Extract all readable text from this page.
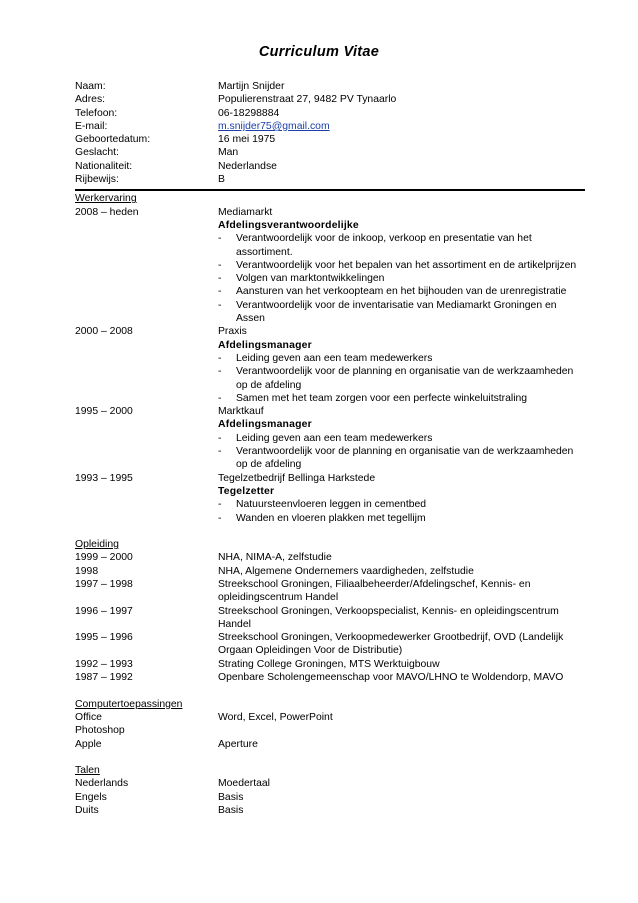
Curriculum Vitae
Naam:	Martijn Snijder
Adres:	Populierenstraat 27, 9482 PV Tynaarlo
Telefoon:	06-18298884
E-mail:	m.snijder75@gmail.com
Geboortedatum:	16 mei 1975
Geslacht:	Man
Nationaliteit:	Nederlandse
Rijbewijs:	B
Werkervaring
2008 – heden	Mediamarkt
Afdelingsverantwoordelijke
- Verantwoordelijk voor de inkoop, verkoop en presentatie van het assortiment.
- Verantwoordelijk voor het bepalen van het assortiment en de artikelprijzen
- Volgen van marktontwikkelingen
- Aansturen van het verkoopteam en het bijhouden van de urenregistratie
- Verantwoordelijk voor de inventarisatie van Mediamarkt Groningen en Assen
2000 – 2008	Praxis
Afdelingsmanager
- Leiding geven aan een team medewerkers
- Verantwoordelijk voor de planning en organisatie van de werkzaamheden op de afdeling
- Samen met het team zorgen voor een perfecte winkeluitstraling
1995 – 2000	Marktkauf
Afdelingsmanager
- Leiding geven aan een team medewerkers
- Verantwoordelijk voor de planning en organisatie van de werkzaamheden op de afdeling
1993 – 1995	Tegelzetbedrijf Bellinga Harkstede
Tegelzetter
- Natuursteenvloeren leggen in cementbed
- Wanden en vloeren plakken met tegellijm
Opleiding
1999 – 2000	NHA, NIMA-A, zelfstudie
1998	NHA, Algemene Ondernemers vaardigheden, zelfstudie
1997 – 1998	Streekschool Groningen, Filiaalbeheerder/Afdelingschef, Kennis- en opleidingscentrum Handel
1996 – 1997	Streekschool Groningen, Verkoopspecialist, Kennis- en opleidingscentrum Handel
1995 – 1996	Streekschool Groningen, Verkoopmedewerker Grootbedrijf, OVD (Landelijk Orgaan Opleidingen Voor de Distributie)
1992 – 1993	Strating College Groningen, MTS Werktuigbouw
1987 – 1992	Openbare Scholengemeenschap voor MAVO/LHNO te Woldendorp, MAVO
Computertoepassingen
Office	Word, Excel, PowerPoint
Photoshop
Apple	Aperture
Talen
Nederlands	Moedertaal
Engels	Basis
Duits	Basis
